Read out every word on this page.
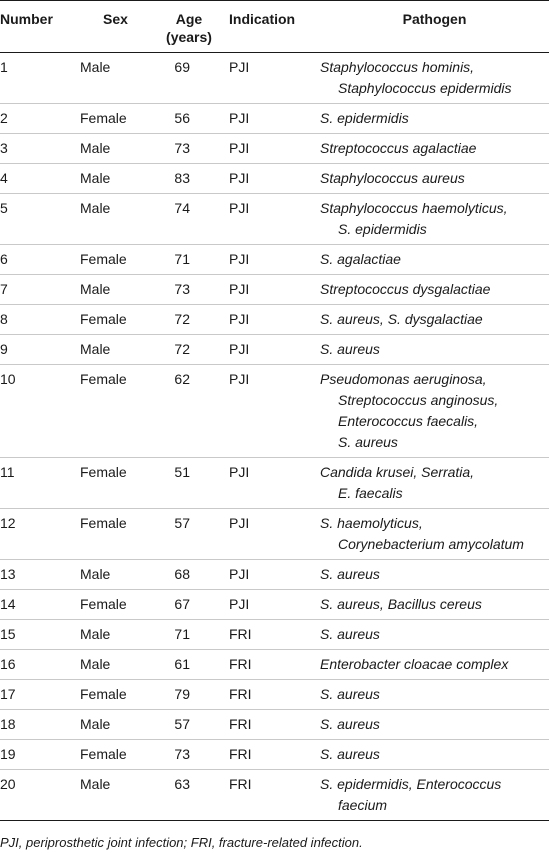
Number	Sex	Age
(years)	Indication	Pathogen
1	Male	69	PJI	Staphylococcus hominis,
Staphylococcus epidermidis

2	Female	56	PJI	S. epidermidis

3	Male	73	PJI	Streptococcus agalactiae

4	Male	83	PJI	Staphylococcus aureus

5	Male	74	PJI	Staphylococcus haemolyticus,
S. epidermidis

6	Female	71	PJI	S. agalactiae

7	Male	73	PJI	Streptococcus dysgalactiae

8	Female	72	PJI	S. aureus, S. dysgalactiae

9	Male	72	PJI	S. aureus

10	Female	62	PJI	Pseudomonas aeruginosa,
Streptococcus anginosus,
Enterococcus faecalis,
S. aureus

11	Female	51	PJI	Candida krusei, Serratia,
E. faecalis

12	Female	57	PJI	S. haemolyticus,
Corynebacterium amycolatum

13	Male	68	PJI	S. aureus

14	Female	67	PJI	S. aureus, Bacillus cereus

15	Male	71	FRI	S. aureus

16	Male	61	FRI	Enterobacter cloacae complex

17	Female	79	FRI	S. aureus

18	Male	57	FRI	S. aureus

19	Female	73	FRI	S. aureus

20	Male	63	FRI	S. epidermidis, Enterococcus
faecium
PJI, periprosthetic joint infection; FRI, fracture-related infection.
